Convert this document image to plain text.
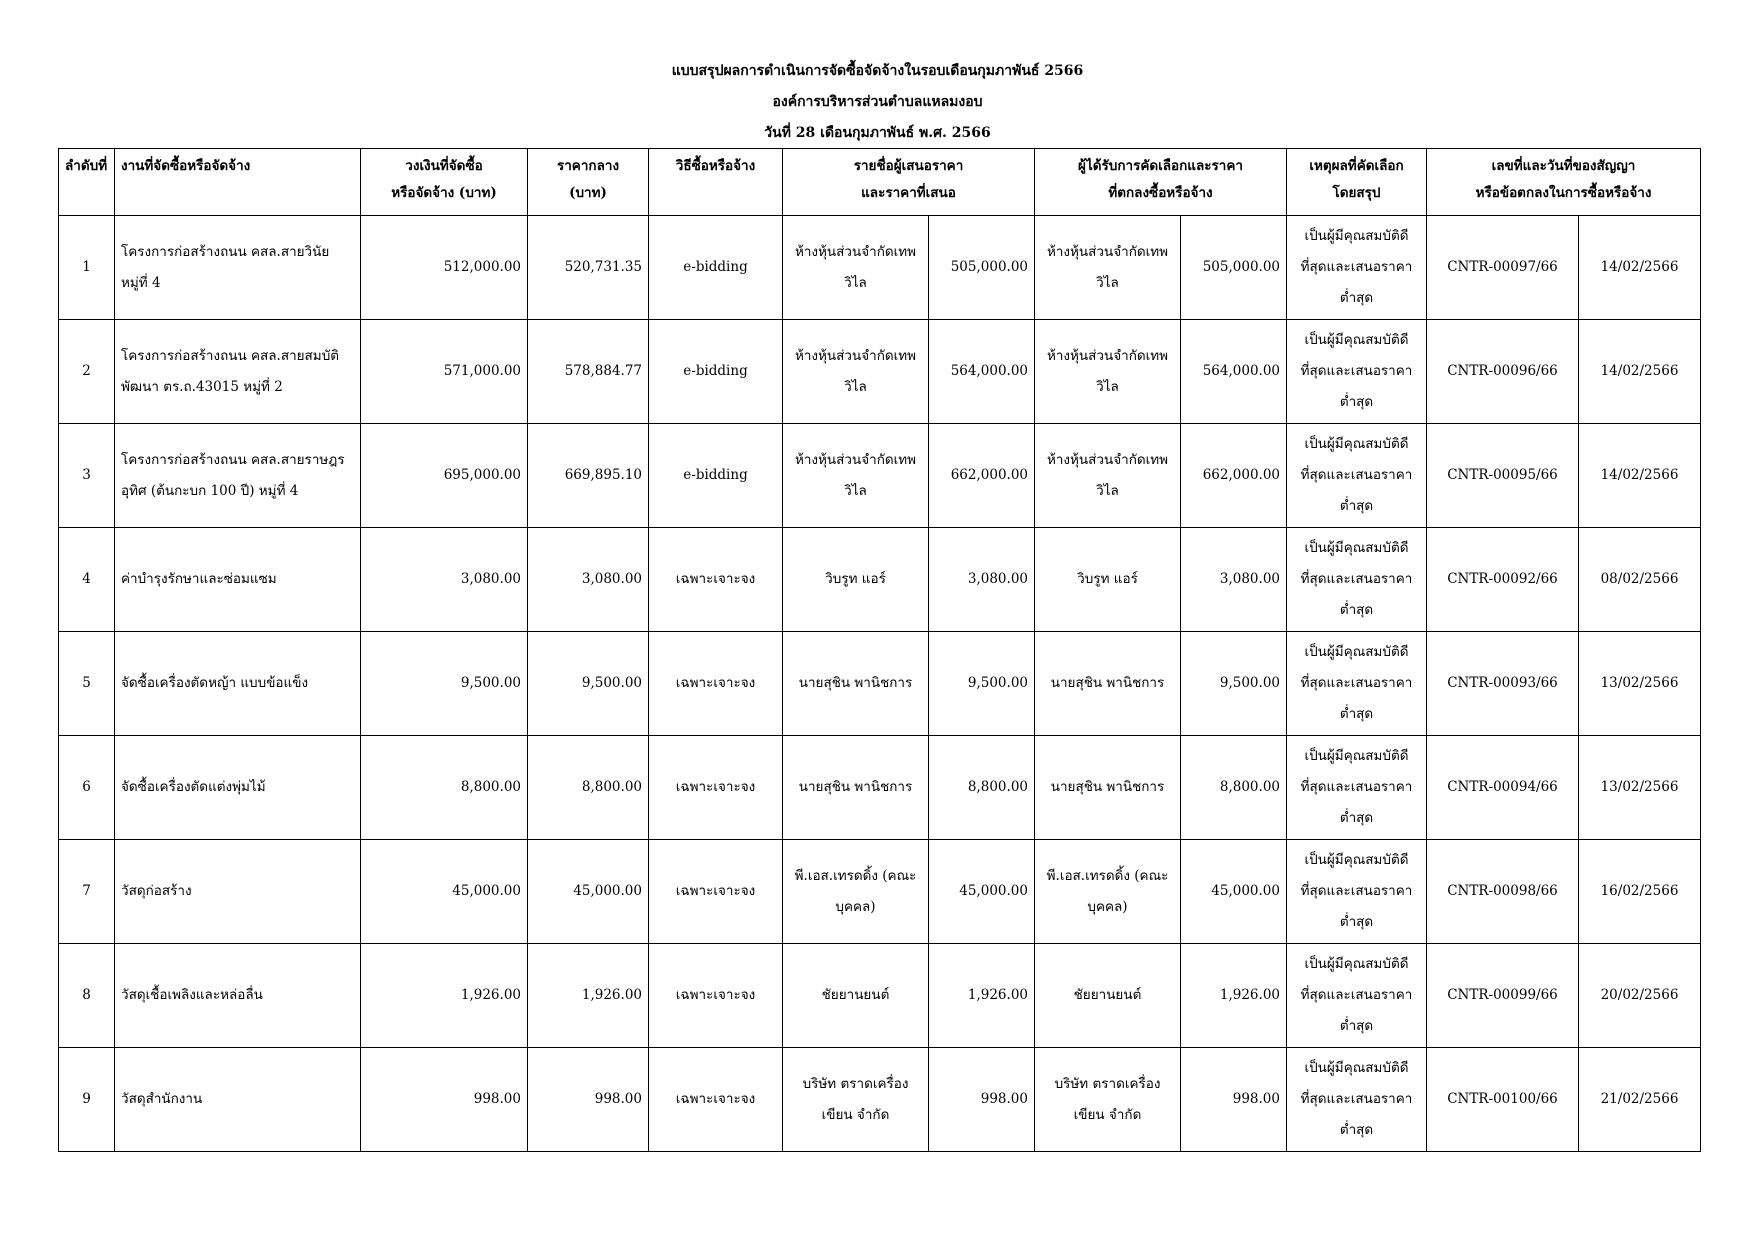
แบบสรุปผลการดำเนินการจัดซื้อจัดจ้างในรอบเดือนกุมภาพันธ์ 2566
องค์การบริหารส่วนตำบลแหลมงอบ
วันที่ 28 เดือนกุมภาพันธ์ พ.ศ. 2566
ลำดับที่	งานที่จัดซื้อหรือจัดจ้าง	วงเงินที่จัดซื้อ
หรือจัดจ้าง (บาท)	ราคากลาง
(บาท)	วิธีซื้อหรือจ้าง	รายชื่อผู้เสนอราคา
และราคาที่เสนอ		ผู้ได้รับการคัดเลือกและราคา
ที่ตกลงซื้อหรือจ้าง		เหตุผลที่คัดเลือก
โดยสรุป	เลขที่และวันที่ของสัญญา
หรือข้อตกลงในการซื้อหรือจ้าง	

1	โครงการก่อสร้างถนน คสล.สายวินัย
หมู่ที่ 4	512,000.00	520,731.35	e-bidding	ห้างหุ้นส่วนจำกัดเทพ
วิไล	505,000.00	ห้างหุ้นส่วนจำกัดเทพ
วิไล	505,000.00	เป็นผู้มีคุณสมบัติดี
ที่สุดและเสนอราคา
ต่ำสุด	CNTR-00097/66	14/02/2566
2	โครงการก่อสร้างถนน คสล.สายสมบัติ
พัฒนา ตร.ถ.43015 หมู่ที่ 2	571,000.00	578,884.77	e-bidding	ห้างหุ้นส่วนจำกัดเทพ
วิไล	564,000.00	ห้างหุ้นส่วนจำกัดเทพ
วิไล	564,000.00	เป็นผู้มีคุณสมบัติดี
ที่สุดและเสนอราคา
ต่ำสุด	CNTR-00096/66	14/02/2566
3	โครงการก่อสร้างถนน คสล.สายราษฎร
อุทิศ (ต้นกะบก 100 ปี) หมู่ที่ 4	695,000.00	669,895.10	e-bidding	ห้างหุ้นส่วนจำกัดเทพ
วิไล	662,000.00	ห้างหุ้นส่วนจำกัดเทพ
วิไล	662,000.00	เป็นผู้มีคุณสมบัติดี
ที่สุดและเสนอราคา
ต่ำสุด	CNTR-00095/66	14/02/2566
4	ค่าบำรุงรักษาและซ่อมแซม	3,080.00	3,080.00	เฉพาะเจาะจง	วิบรูท แอร์	3,080.00	วิบรูท แอร์	3,080.00	เป็นผู้มีคุณสมบัติดี
ที่สุดและเสนอราคา
ต่ำสุด	CNTR-00092/66	08/02/2566
5	จัดซื้อเครื่องตัดหญ้า แบบข้อแข็ง	9,500.00	9,500.00	เฉพาะเจาะจง	นายสุชิน พานิชการ	9,500.00	นายสุชิน พานิชการ	9,500.00	เป็นผู้มีคุณสมบัติดี
ที่สุดและเสนอราคา
ต่ำสุด	CNTR-00093/66	13/02/2566
6	จัดซื้อเครื่องตัดแต่งพุ่มไม้	8,800.00	8,800.00	เฉพาะเจาะจง	นายสุชิน พานิชการ	8,800.00	นายสุชิน พานิชการ	8,800.00	เป็นผู้มีคุณสมบัติดี
ที่สุดและเสนอราคา
ต่ำสุด	CNTR-00094/66	13/02/2566
7	วัสดุก่อสร้าง	45,000.00	45,000.00	เฉพาะเจาะจง	พี.เอส.เทรดดิ้ง (คณะ
บุคคล)	45,000.00	พี.เอส.เทรดดิ้ง (คณะ
บุคคล)	45,000.00	เป็นผู้มีคุณสมบัติดี
ที่สุดและเสนอราคา
ต่ำสุด	CNTR-00098/66	16/02/2566
8	วัสดุเชื้อเพลิงและหล่อลื่น	1,926.00	1,926.00	เฉพาะเจาะจง	ชัยยานยนต์	1,926.00	ชัยยานยนต์	1,926.00	เป็นผู้มีคุณสมบัติดี
ที่สุดและเสนอราคา
ต่ำสุด	CNTR-00099/66	20/02/2566
9	วัสดุสำนักงาน	998.00	998.00	เฉพาะเจาะจง	บริษัท ตราดเครื่อง
เขียน จำกัด	998.00	บริษัท ตราดเครื่อง
เขียน จำกัด	998.00	เป็นผู้มีคุณสมบัติดี
ที่สุดและเสนอราคา
ต่ำสุด	CNTR-00100/66	21/02/2566
